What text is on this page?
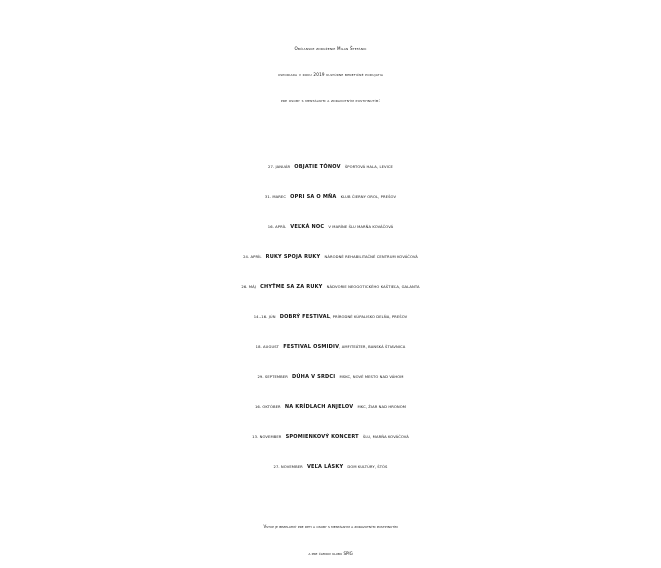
Občianske združenie Milan Štefánik
usporiada v roku 2019 kultúrne benefičné podujatia
pre osoby s mentálnym a zdravotným postihnutím:
27. JANUÁR OBJATIE TÓNOV ŠPORTOVÁ HALA, LEVICE
31. MAREC OPRI SA O MŇA KLUB ČIERNY OROL, PREŠOV
16. APRÍL VEĽKÁ NOC V MARÍNE ŠLU MARŇA KOVÁČOVÁ
24. APRÍL RUKY SPOJA RUKY NÁRODNÉ REHABILITAČNÉ CENTRUM KOVÁČOVÁ
26. MÁJ CHYŤME SA ZA RUKY NÁDVORIE NEOGOTICKÉHO KAŠTIEĽA, GALANTA
14.-16. JÚN DOBRÝ FESTIVAL, PRÍRODNÉ KÚPALISKO DELŇA, PREŠOV
18. AUGUST FESTIVAL OSMIDIV, AMFITEÁTER, BANSKÁ ŠTIAVNICA
29. SEPTEMBER DÚHA V SRDCI MSKC, NOVÉ MESTO NAD VÁHOM
16. OKTÓBER NA KRÍDLACH ANJELOV MKC, ŽIAR NAD HRONOM
13. NOVEMBER SPOMIENKOVÝ KONCERT ŠLU, MARŇA KOVÁČOVÁ
27. NOVEMBER VEĽA LÁSKY DOM KULTÚRY, ŠTÓS
Vstup je bezplatný pre deti a osoby s mentálnym a zdravotným postihnutím
a pre členov klubu SPIG
